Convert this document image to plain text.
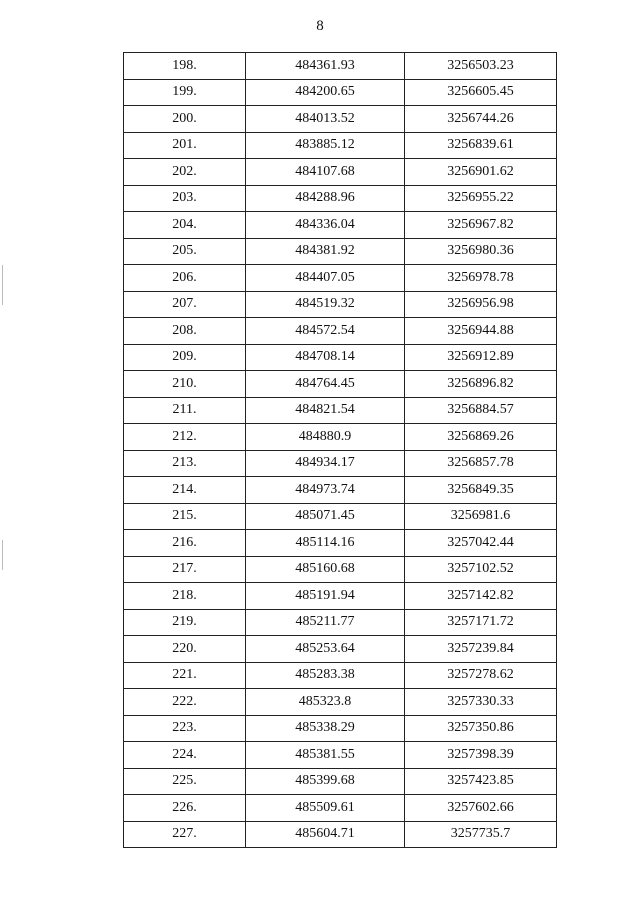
8
198.	484361.93	3256503.23
199.	484200.65	3256605.45
200.	484013.52	3256744.26
201.	483885.12	3256839.61
202.	484107.68	3256901.62
203.	484288.96	3256955.22
204.	484336.04	3256967.82
205.	484381.92	3256980.36
206.	484407.05	3256978.78
207.	484519.32	3256956.98
208.	484572.54	3256944.88
209.	484708.14	3256912.89
210.	484764.45	3256896.82
211.	484821.54	3256884.57
212.	484880.9	3256869.26
213.	484934.17	3256857.78
214.	484973.74	3256849.35
215.	485071.45	3256981.6
216.	485114.16	3257042.44
217.	485160.68	3257102.52
218.	485191.94	3257142.82
219.	485211.77	3257171.72
220.	485253.64	3257239.84
221.	485283.38	3257278.62
222.	485323.8	3257330.33
223.	485338.29	3257350.86
224.	485381.55	3257398.39
225.	485399.68	3257423.85
226.	485509.61	3257602.66
227.	485604.71	3257735.7
